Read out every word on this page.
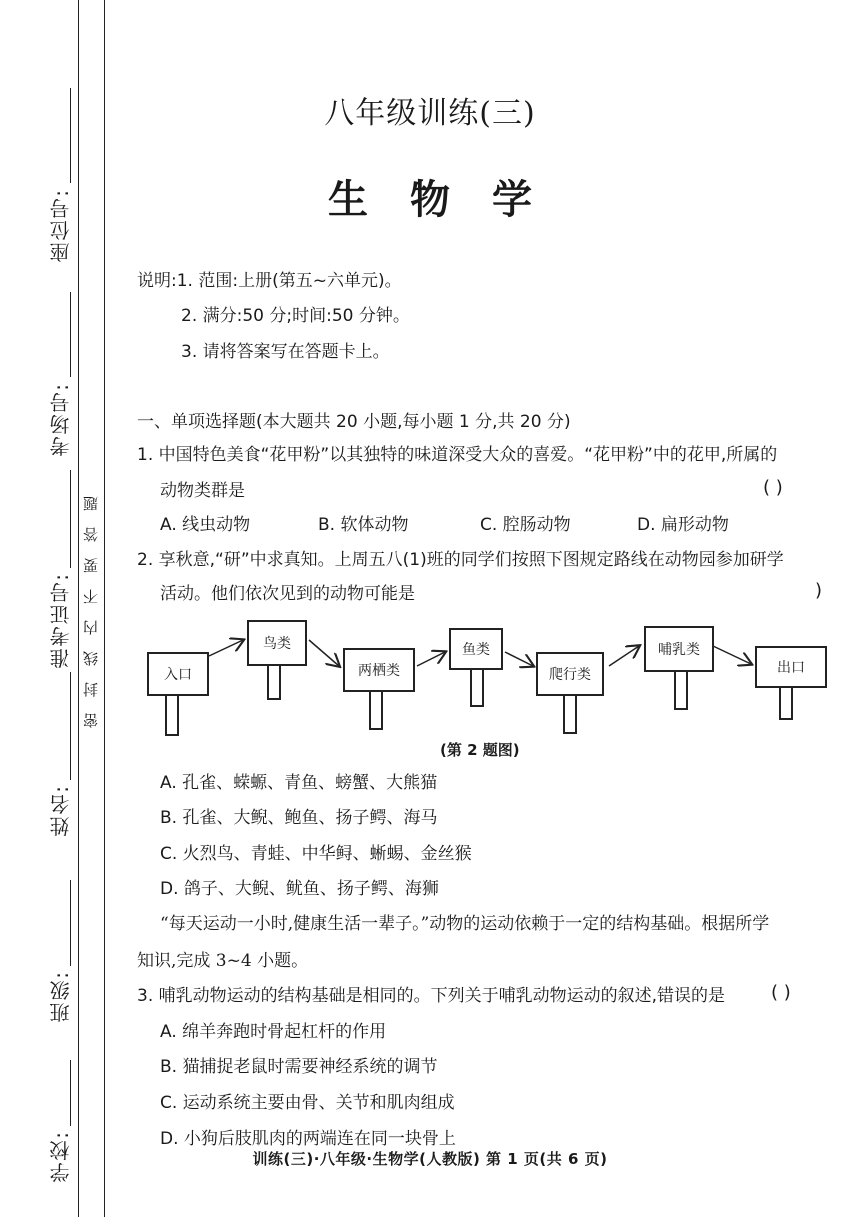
座位号:
考场号:
准考证号:
姓名:
班级:
学校:
密封线内不要答题
八年级训练(三)
生物学
说明:1. 范围:上册(第五~六单元)。
2. 满分:50 分;时间:50 分钟。
3. 请将答案写在答题卡上。
一、单项选择题(本大题共 20 小题,每小题 1 分,共 20 分)
1. 中国特色美食“花甲粉”以其独特的味道深受大众的喜爱。“花甲粉”中的花甲,所属的
动物类群是	( )
A. 线虫动物	B. 软体动物	C. 腔肠动物	D. 扁形动物
2. 享秋意,“研”中求真知。上周五八(1)班的同学们按照下图规定路线在动物园参加研学
活动。他们依次见到的动物可能是	)
入口
鸟类
两栖类
鱼类
爬行类
哺乳类
出口
(第 2 题图)
A. 孔雀、蝾螈、青鱼、螃蟹、大熊猫
B. 孔雀、大鲵、鲍鱼、扬子鳄、海马
C. 火烈鸟、青蛙、中华鲟、蜥蜴、金丝猴
D. 鸽子、大鲵、鱿鱼、扬子鳄、海狮
“每天运动一小时,健康生活一辈子。”动物的运动依赖于一定的结构基础。根据所学
知识,完成 3~4 小题。
3. 哺乳动物运动的结构基础是相同的。下列关于哺乳动物运动的叙述,错误的是	( )
A. 绵羊奔跑时骨起杠杆的作用
B. 猫捕捉老鼠时需要神经系统的调节
C. 运动系统主要由骨、关节和肌肉组成
D. 小狗后肢肌肉的两端连在同一块骨上
训练(三)·八年级·生物学(人教版) 第 1 页(共 6 页)
